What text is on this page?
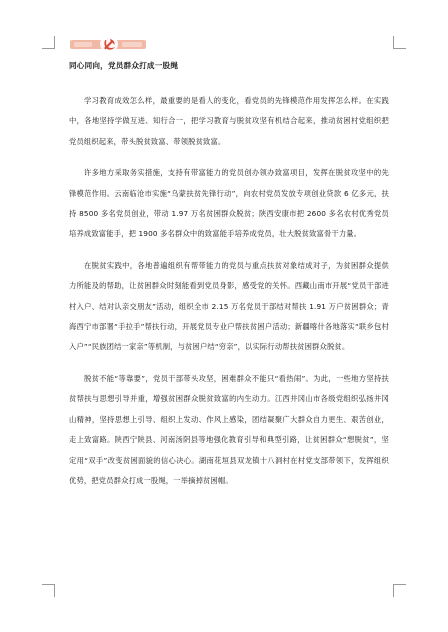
同心同向，党员群众打成一股绳

学习教育成效怎么样，最重要的是看人的变化，看党员的先锋模范作用发挥怎么样。在实践中，各地坚持学做互进、知行合一，把学习教育与脱贫攻坚有机结合起来，推动贫困村党组织把党员组织起来，带头脱贫致富、带领脱贫致富。

许多地方采取务实措施，支持有带富能力的党员创办领办致富项目，发挥在脱贫攻坚中的先锋模范作用。云南临沧市实施“乌蒙扶贫先锋行动”，向农村党员发放专项创业贷款 6 亿多元，扶持 8500 多名党员创业，带动 1.97 万名贫困群众脱贫；陕西安康市把 2600 多名农村优秀党员培养成致富能手，把 1900 多名群众中的致富能手培养成党员，壮大脱贫致富骨干力量。

在脱贫实践中，各地普遍组织有帮带能力的党员与重点扶贫对象结成对子，为贫困群众提供力所能及的帮助，让贫困群众时刻能看到党员身影，感受党的关怀。西藏山南市开展“党员干部进村入户、结对认亲交朋友”活动，组织全市 2.15 万名党员干部结对帮扶 1.91 万户贫困群众；青海西宁市部署“手拉手”帮扶行动，开展党员专业户帮扶贫困户活动；新疆喀什各地落实“联乡包村入户”“民族团结一家亲”等机制，与贫困户结“穷亲”，以实际行动帮扶贫困群众脱贫。

脱贫不能“等靠要”，党员干部带头攻坚，困难群众不能只“看热闹”。为此，一些地方坚持扶贫帮扶与思想引导并重，增强贫困群众脱贫致富的内生动力。江西井冈山市各级党组织弘扬井冈山精神，坚持思想上引导、组织上发动、作风上感染，团结凝聚广大群众自力更生、艰苦创业，走上致富路。陕西宁陕县、河南汤阴县等地强化教育引导和典型引路，让贫困群众“想脱贫”，坚定用“双手”改变贫困面貌的信心决心。湖南花垣县双龙镇十八洞村在村党支部带领下，发挥组织优势，把党员群众打成一股绳，一举摘掉贫困帽。
